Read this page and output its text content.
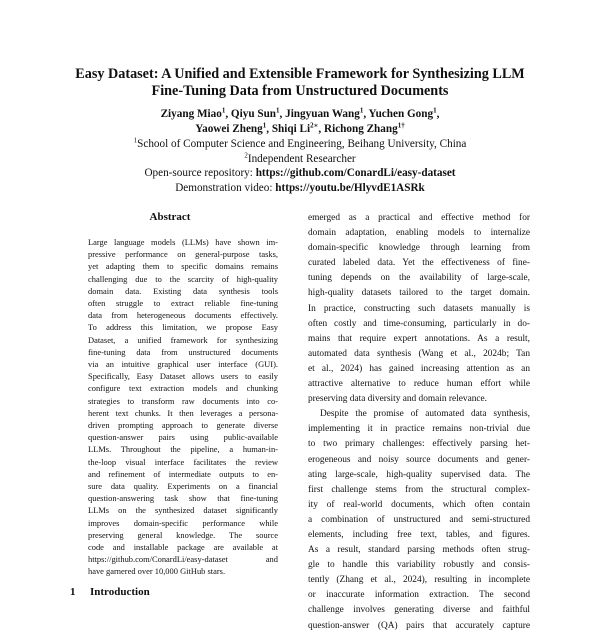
Easy Dataset: A Unified and Extensible Framework for Synthesizing LLM
Fine-Tuning Data from Unstructured Documents
Ziyang Miao$^1$, Qiyu Sun$^1$, Jingyuan Wang$^1$, Yuchen Gong$^1$,
Yaowei Zheng$^1$, Shiqi $Li^{2∗}$, Richong Zhang$^{1\dagger}$
$^1$School of Computer Science and Engineering, Beihang University, China
$^2$Independent Researcher
Open-source repository: https://github.com/ConardLi/easy-dataset
Demonstration video: https://youtu.be/HlyvdE1ASRk
Abstract
Large language models (LLMs) have shown im-
pressive performance on general-purpose tasks,
yet adapting them to specific domains remains
challenging due to the scarcity of high-quality
domain data. Existing data synthesis tools
often struggle to extract reliable fine-tuning
data from heterogeneous documents effectively.
To address this limitation, we propose Easy
Dataset, a unified framework for synthesizing
fine-tuning data from unstructured documents
via an intuitive graphical user interface (GUI).
Specifically, Easy Dataset allows users to easily
configure text extraction models and chunking
strategies to transform raw documents into co-
herent text chunks. It then leverages a persona-
driven prompting approach to generate diverse
question-answer pairs using public-available
LLMs. Throughout the pipeline, a human-in-
the-loop visual interface facilitates the review
and refinement of intermediate outputs to en-
sure data quality. Experiments on a financial
question-answering task show that fine-tuning
LLMs on the synthesized dataset significantly
improves domain-specific performance while
preserving general knowledge. The source
code and installable package are available at
https://github.com/ConardLi/easy-dataset and
have garnered over 10,000 GitHub stars.
1 Introduction
emerged as a practical and effective method for
domain adaptation, enabling models to internalize
domain-specific knowledge through learning from
curated labeled data. Yet the effectiveness of fine-
tuning depends on the availability of large-scale,
high-quality datasets tailored to the target domain.
In practice, constructing such datasets manually is
often costly and time-consuming, particularly in do-
mains that require expert annotations. As a result,
automated data synthesis (Wang et al., 2024b; Tan
et al., 2024) has gained increasing attention as an
attractive alternative to reduce human effort while
preserving data diversity and domain relevance.
Despite the promise of automated data synthesis,
implementing it in practice remains non-trivial due
to two primary challenges: effectively parsing het-
erogeneous and noisy source documents and gener-
ating large-scale, high-quality supervised data. The
first challenge stems from the structural complex-
ity of real-world documents, which often contain
a combination of unstructured and semi-structured
elements, including free text, tables, and figures.
As a result, standard parsing methods often strug-
gle to handle this variability robustly and consis-
tently (Zhang et al., 2024), resulting in incomplete
or inaccurate information extraction. The second
challenge involves generating diverse and faithful
question-answer (QA) pairs that accurately capture
